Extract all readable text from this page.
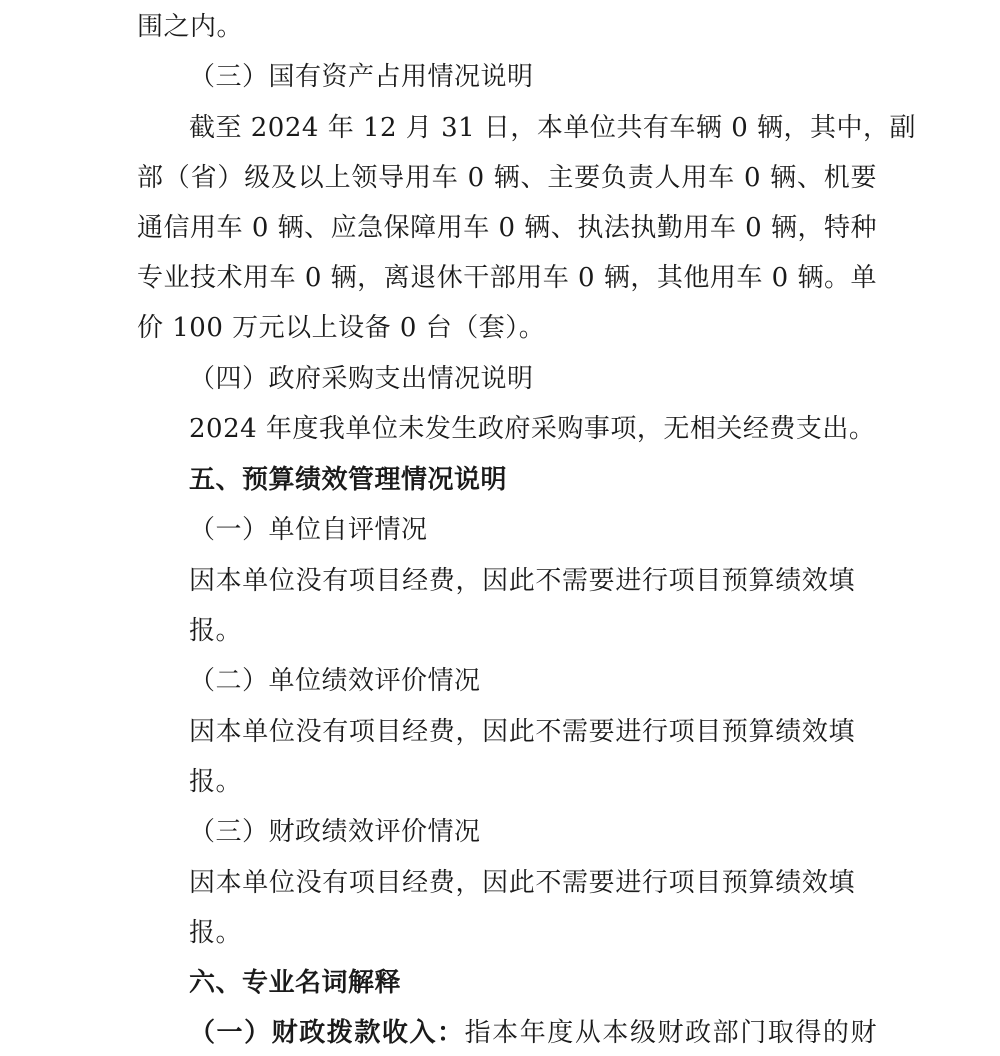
围之内。
（三）国有资产占用情况说明
截至 2024 年 12 月 31 日，本单位共有车辆 0 辆，其中，副
部（省）级及以上领导用车 0 辆、主要负责人用车 0 辆、机要
通信用车 0 辆、应急保障用车 0 辆、执法执勤用车 0 辆，特种
专业技术用车 0 辆，离退休干部用车 0 辆，其他用车 0 辆。单
价 100 万元以上设备 0 台（套）。
（四）政府采购支出情况说明
2024 年度我单位未发生政府采购事项，无相关经费支出。
五、预算绩效管理情况说明
（一）单位自评情况
因本单位没有项目经费，因此不需要进行项目预算绩效填
报。
（二）单位绩效评价情况
因本单位没有项目经费，因此不需要进行项目预算绩效填
报。
（三）财政绩效评价情况
因本单位没有项目经费，因此不需要进行项目预算绩效填
报。
六、专业名词解释
（一）财政拨款收入：指本年度从本级财政部门取得的财
